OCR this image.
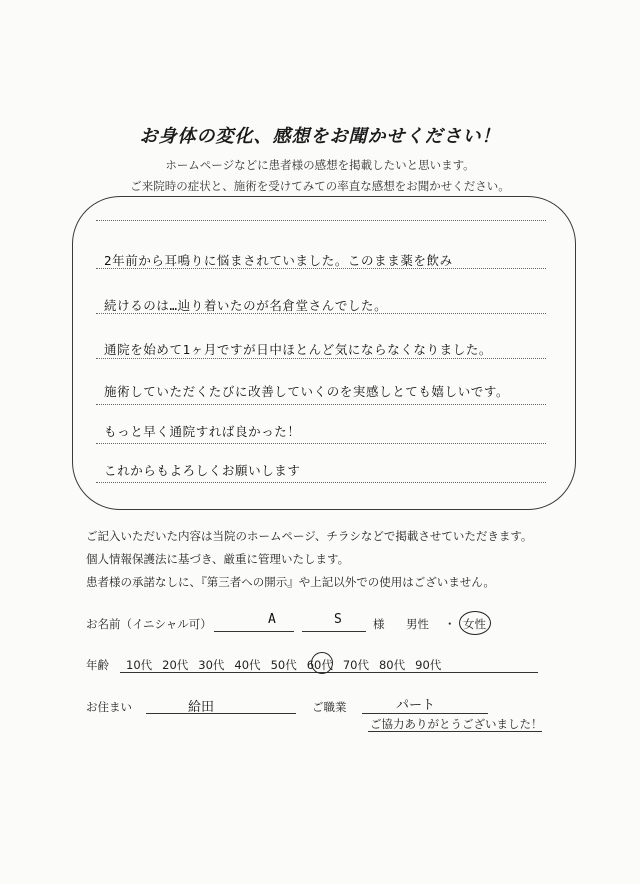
お身体の変化、感想をお聞かせください！
ホームページなどに患者様の感想を掲載したいと思います。
ご来院時の症状と、施術を受けてみての率直な感想をお聞かせください。
2年前から耳鳴りに悩まされていました。このまま薬を飲み
続けるのは…辿り着いたのが名倉堂さんでした。
通院を始めて1ヶ月ですが日中ほとんど気にならなくなりました。
施術していただくたびに改善していくのを実感しとても嬉しいです。
もっと早く通院すれば良かった！
これからもよろしくお願いします
ご記入いただいた内容は当院のホームページ、チラシなどで掲載させていただきます。
個人情報保護法に基づき、厳重に管理いたします。
患者様の承諾なしに、『第三者への開示』や上記以外での使用はございません。
お名前（イニシャル可）	A	S	様 男性 ・ 女性
年齢 10代 20代 30代 40代 50代 60代 70代 80代 90代
お住まい	給田	ご職業	パート
ご協力ありがとうございました！
